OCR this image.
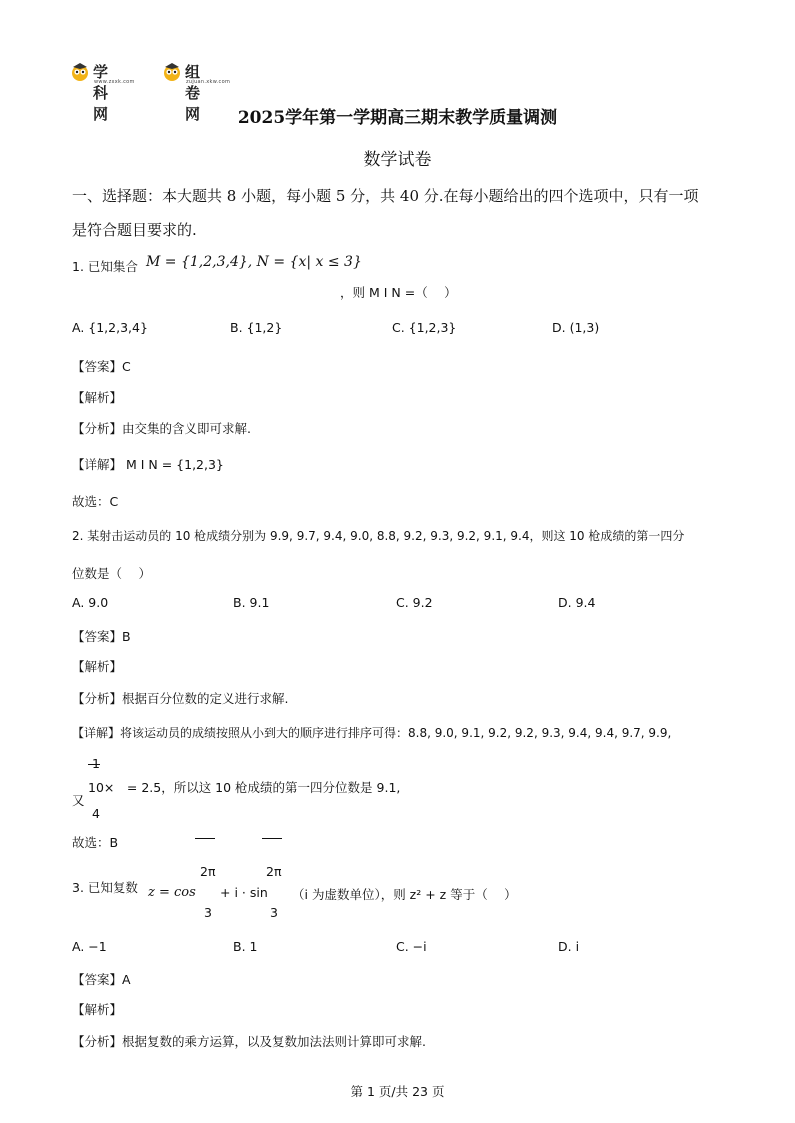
学科网
www.zxxk.com
组卷网
zujuan.xkw.com
2025学年第一学期高三期末教学质量调测
数学试卷
一、选择题：本大题共 8 小题，每小题 5 分，共 40 分.在每小题给出的四个选项中，只有一项
是符合题目要求的.
1. 已知集合 M = {1,2,3,4}, N = {x| x ≤ 3}
，则 M I N =（　 ）
A. {1,2,3,4}	B. {1,2}	C. {1,2,3}	D. (1,3)
【答案】C
【解析】
【分析】由交集的含义即可求解.
【详解】 M I N = {1,2,3}
故选：C
2. 某射击运动员的 10 枪成绩分别为 9.9, 9.7, 9.4, 9.0, 8.8, 9.2, 9.3, 9.2, 9.1, 9.4，则这 10 枪成绩的第一四分
位数是（　 ）
A. 9.0	B. 9.1	C. 9.2	D. 9.4
【答案】B
【解析】
【分析】根据百分位数的定义进行求解.
【详解】将该运动员的成绩按照从小到大的顺序进行排序可得：8.8, 9.0, 9.1, 9.2, 9.2, 9.3, 9.4, 9.4, 9.7, 9.9,
又
10×　= 2.5，所以这 10 枪成绩的第一四分位数是 9.1,
4
故选：B
3. 已知复数 z = cos
2π
3
+ i · sin
2π
3
（i 为虚数单位），则 z² + z 等于（　 ）
A. −1	B. 1	C. −i	D. i
【答案】A
【解析】
【分析】根据复数的乘方运算，以及复数加法法则计算即可求解.
第 1 页/共 23 页
